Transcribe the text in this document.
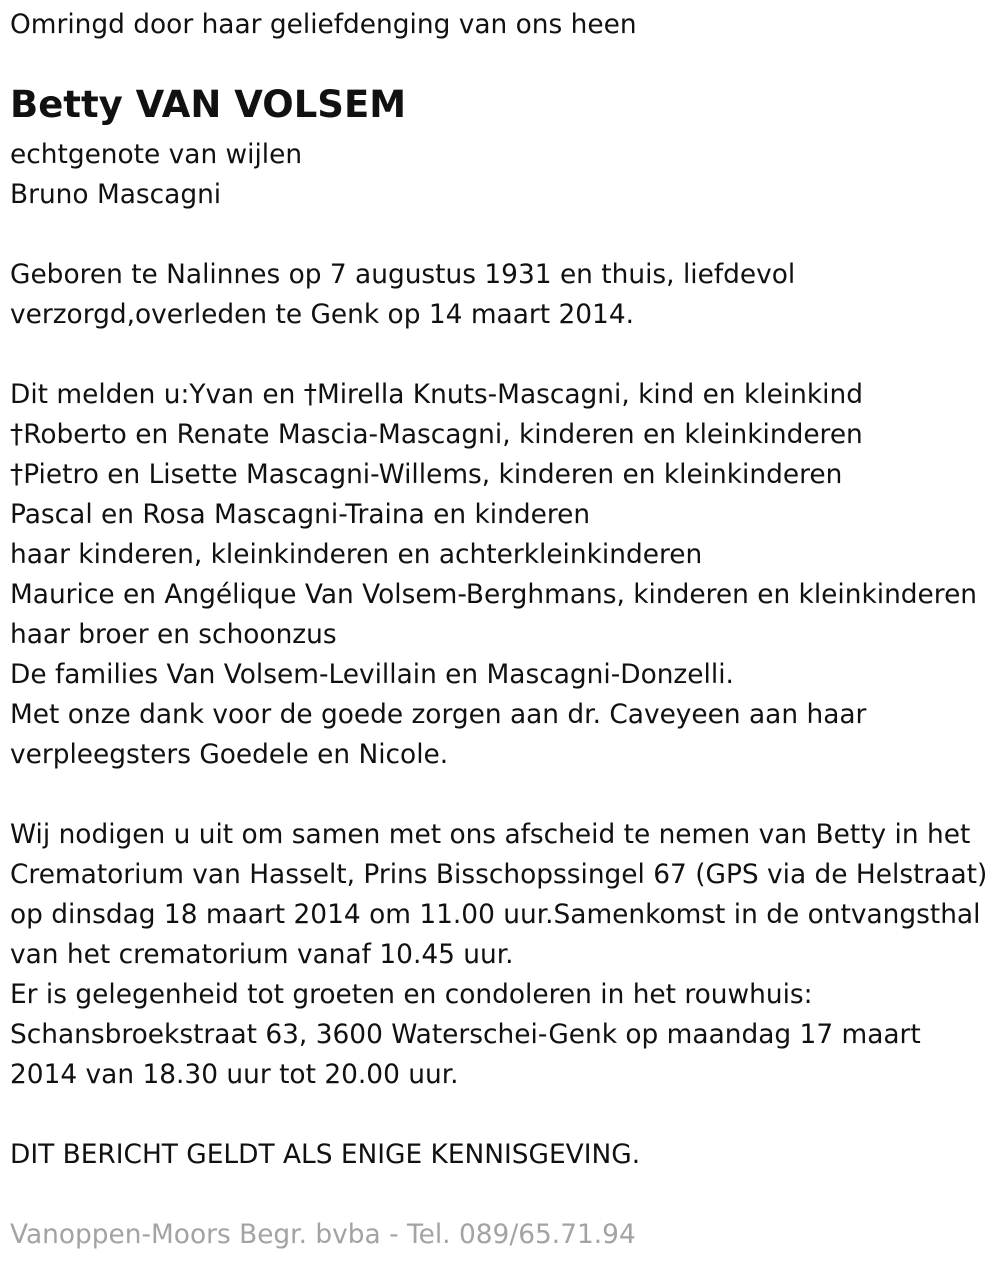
Omringd door haar geliefdenging van ons heen
Betty VAN VOLSEM
echtgenote van wijlen
Bruno Mascagni
Geboren te Nalinnes op 7 augustus 1931 en thuis, liefdevol
verzorgd,overleden te Genk op 14 maart 2014.
Dit melden u:Yvan en †Mirella Knuts-Mascagni, kind en kleinkind
†Roberto en Renate Mascia-Mascagni, kinderen en kleinkinderen
†Pietro en Lisette Mascagni-Willems, kinderen en kleinkinderen
Pascal en Rosa Mascagni-Traina en kinderen
haar kinderen, kleinkinderen en achterkleinkinderen
Maurice en Angélique Van Volsem-Berghmans, kinderen en kleinkinderen
haar broer en schoonzus
De families Van Volsem-Levillain en Mascagni-Donzelli.
Met onze dank voor de goede zorgen aan dr. Caveyeen aan haar
verpleegsters Goedele en Nicole.
Wij nodigen u uit om samen met ons afscheid te nemen van Betty in het
Crematorium van Hasselt, Prins Bisschopssingel 67 (GPS via de Helstraat)
op dinsdag 18 maart 2014 om 11.00 uur.Samenkomst in de ontvangsthal
van het crematorium vanaf 10.45 uur.
Er is gelegenheid tot groeten en condoleren in het rouwhuis:
Schansbroekstraat 63, 3600 Waterschei-Genk op maandag 17 maart
2014 van 18.30 uur tot 20.00 uur.
DIT BERICHT GELDT ALS ENIGE KENNISGEVING.
Vanoppen-Moors Begr. bvba - Tel. 089/65.71.94
